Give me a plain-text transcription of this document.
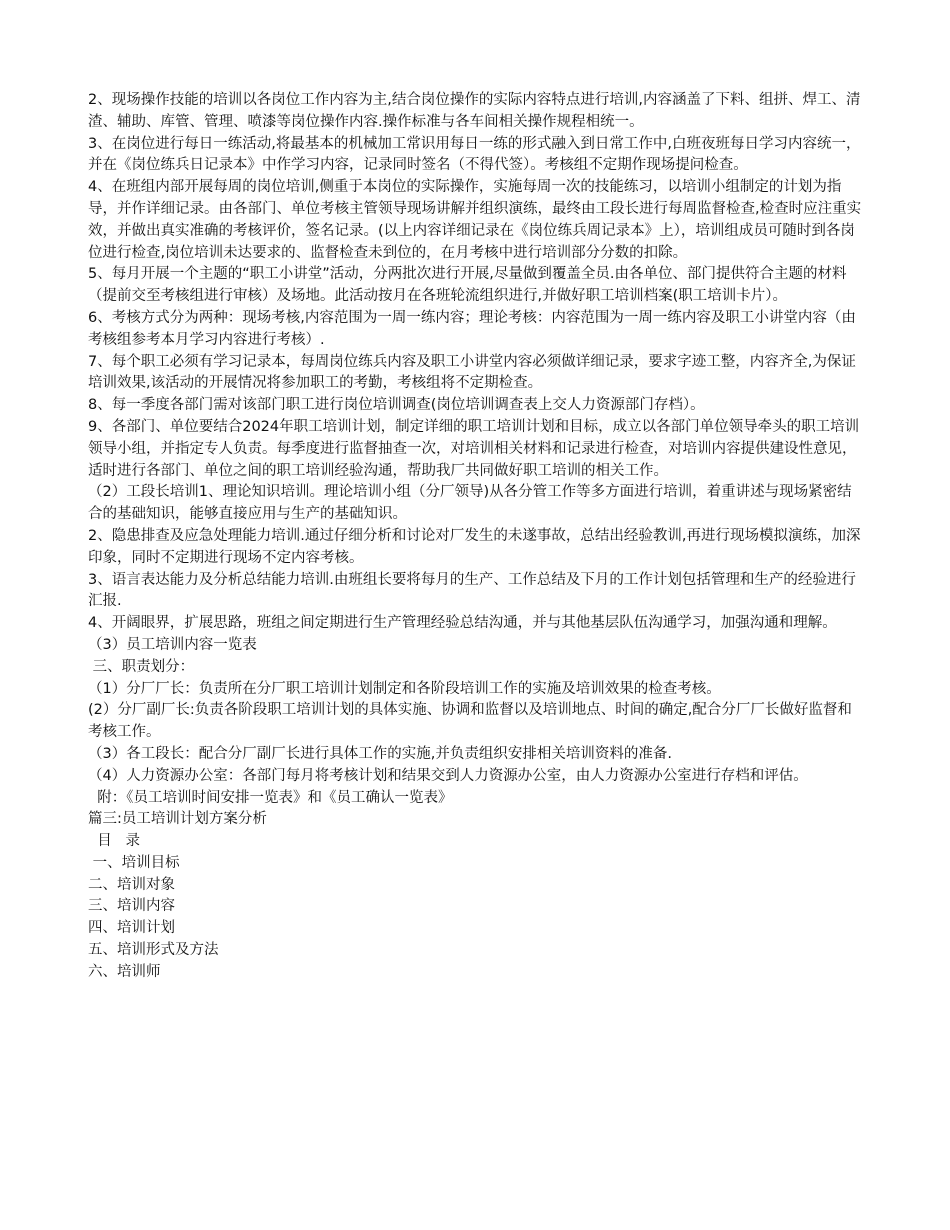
2、现场操作技能的培训以各岗位工作内容为主,结合岗位操作的实际内容特点进行培训,内容涵盖了下料、组拼、焊工、清渣、辅助、库管、管理、喷漆等岗位操作内容.操作标准与各车间相关操作规程相统一。

3、在岗位进行每日一练活动,将最基本的机械加工常识用每日一练的形式融入到日常工作中,白班夜班每日学习内容统一，并在《岗位练兵日记录本》中作学习内容，记录同时签名（不得代签）。考核组不定期作现场提问检查。

4、在班组内部开展每周的岗位培训,侧重于本岗位的实际操作，实施每周一次的技能练习，以培训小组制定的计划为指导，并作详细记录。由各部门、单位考核主管领导现场讲解并组织演练，最终由工段长进行每周监督检查,检查时应注重实效，并做出真实准确的考核评价，签名记录。(以上内容详细记录在《岗位练兵周记录本》上），培训组成员可随时到各岗位进行检查,岗位培训未达要求的、监督检查未到位的，在月考核中进行培训部分分数的扣除。

5、每月开展一个主题的“职工小讲堂”活动，分两批次进行开展,尽量做到覆盖全员.由各单位、部门提供符合主题的材料（提前交至考核组进行审核）及场地。此活动按月在各班轮流组织进行,并做好职工培训档案(职工培训卡片）。

6、考核方式分为两种：现场考核,内容范围为一周一练内容；理论考核：内容范围为一周一练内容及职工小讲堂内容（由考核组参考本月学习内容进行考核）.

7、每个职工必须有学习记录本，每周岗位练兵内容及职工小讲堂内容必须做详细记录，要求字迹工整，内容齐全,为保证培训效果,该活动的开展情况将参加职工的考勤，考核组将不定期检查。

8、每一季度各部门需对该部门职工进行岗位培训调查(岗位培训调查表上交人力资源部门存档）。

9、各部门、单位要结合2024年职工培训计划，制定详细的职工培训计划和目标，成立以各部门单位领导牵头的职工培训领导小组，并指定专人负责。每季度进行监督抽查一次，对培训相关材料和记录进行检查，对培训内容提供建设性意见，适时进行各部门、单位之间的职工培训经验沟通，帮助我厂共同做好职工培训的相关工作。

（2）工段长培训1、理论知识培训。理论培训小组（分厂领导)从各分管工作等多方面进行培训，着重讲述与现场紧密结合的基础知识，能够直接应用与生产的基础知识。

2、隐患排查及应急处理能力培训.通过仔细分析和讨论对厂发生的未遂事故，总结出经验教训,再进行现场模拟演练，加深印象，同时不定期进行现场不定内容考核。

3、语言表达能力及分析总结能力培训.由班组长要将每月的生产、工作总结及下月的工作计划包括管理和生产的经验进行汇报.

4、开阔眼界，扩展思路，班组之间定期进行生产管理经验总结沟通，并与其他基层队伍沟通学习，加强沟通和理解。

（3）员工培训内容一览表

三、职责划分：

（1）分厂厂长：负责所在分厂职工培训计划制定和各阶段培训工作的实施及培训效果的检查考核。

(2）分厂副厂长:负责各阶段职工培训计划的具体实施、协调和监督以及培训地点、时间的确定,配合分厂厂长做好监督和考核工作。

（3）各工段长：配合分厂副厂长进行具体工作的实施,并负责组织安排相关培训资料的准备.

（4）人力资源办公室：各部门每月将考核计划和结果交到人力资源办公室，由人力资源办公室进行存档和评估。

附：《员工培训时间安排一览表》和《员工确认一览表》

篇三:员工培训计划方案分析

目   录

一、培训目标

二、培训对象

三、培训内容

四、培训计划

五、培训形式及方法

六、培训师
